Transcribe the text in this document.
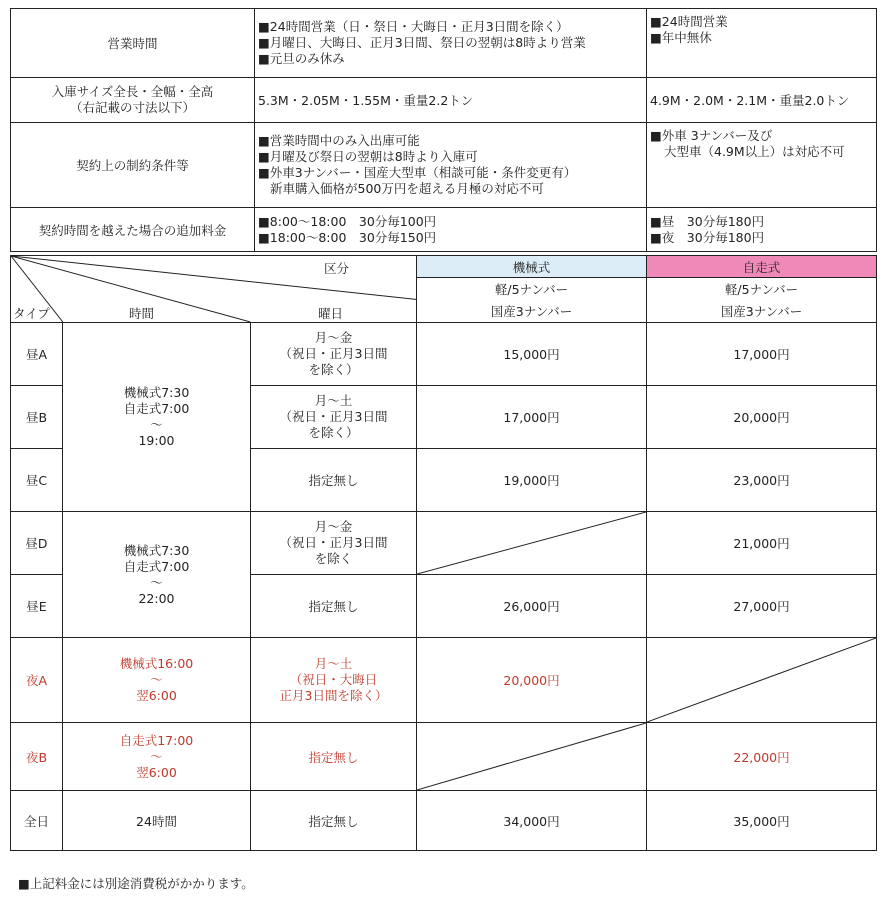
営業時間	■24時間営業（日・祭日・大晦日・正月3日間を除く）
■月曜日、大晦日、正月3日間、祭日の翌朝は8時より営業
■元旦のみ休み	■24時間営業
■年中無休

入庫サイズ全長・全幅・全高
（右記載の寸法以下）	5.3M・2.05M・1.55M・重量2.2トン	4.9M・2.0M・2.1M・重量2.0トン
契約上の制約条件等	■営業時間中のみ入出庫可能
■月曜及び祭日の翌朝は8時より入庫可
■外車3ナンバー・国産大型車（相談可能・条件変更有）
新車購入価格が500万円を超える月極の対応不可	■外車 3ナンバー及び
大型車（4.9M以上）は対応不可

契約時間を越えた場合の追加料金	■8:00～18:00　30分毎100円
■18:00～8:00　30分毎150円	■昼　30分毎180円
■夜　30分毎180円
区分
タイプ 時間 曜日			機械式	自走式
			軽/5ナンバー	軽/5ナンバー
			国産3ナンバー	国産3ナンバー
昼A	機械式7:30
自走式7:00
～
19:00	月～金
（祝日・正月3日間
を除く）	15,000円	17,000円
昼B		月～土
（祝日・正月3日間
を除く）	17,000円	20,000円
昼C		指定無し	19,000円	23,000円
昼D	機械式7:30
自走式7:00
～
22:00	月～金
（祝日・正月3日間
を除く		21,000円
昼E		指定無し	26,000円	27,000円
夜A	機械式16:00
～
翌6:00	月～土
（祝日・大晦日
正月3日間を除く）	20,000円	

夜B	自走式17:00
～
翌6:00	指定無し		22,000円
全日	24時間	指定無し	34,000円	35,000円
■上記料金には別途消費税がかかります。
